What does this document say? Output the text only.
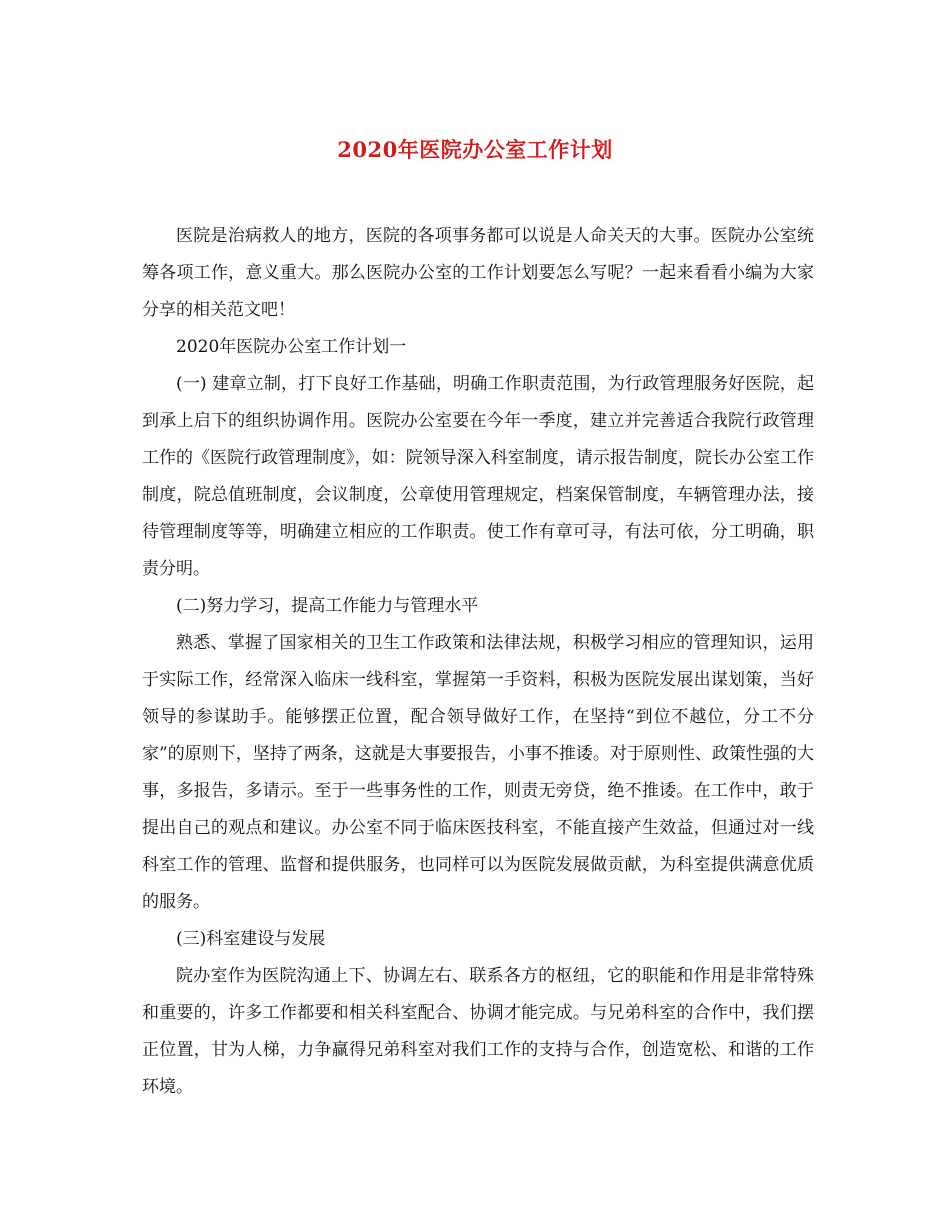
2020年医院办公室工作计划

医院是治病救人的地方，医院的各项事务都可以说是人命关天的大事。医院办公室统筹各项工作，意义重大。那么医院办公室的工作计划要怎么写呢？一起来看看小编为大家分享的相关范文吧！

2020年医院办公室工作计划一

(一) 建章立制，打下良好工作基础，明确工作职责范围，为行政管理服务好医院，起到承上启下的组织协调作用。医院办公室要在今年一季度，建立并完善适合我院行政管理工作的《医院行政管理制度》，如：院领导深入科室制度，请示报告制度，院长办公室工作制度，院总值班制度，会议制度，公章使用管理规定，档案保管制度，车辆管理办法，接待管理制度等等，明确建立相应的工作职责。使工作有章可寻，有法可依，分工明确，职责分明。

(二)努力学习，提高工作能力与管理水平

熟悉、掌握了国家相关的卫生工作政策和法律法规，积极学习相应的管理知识，运用于实际工作，经常深入临床一线科室，掌握第一手资料，积极为医院发展出谋划策，当好领导的参谋助手。能够摆正位置，配合领导做好工作，在坚持“到位不越位，分工不分家”的原则下，坚持了两条，这就是大事要报告，小事不推诿。对于原则性、政策性强的大事，多报告，多请示。至于一些事务性的工作，则责无旁贷，绝不推诿。在工作中，敢于提出自己的观点和建议。办公室不同于临床医技科室，不能直接产生效益，但通过对一线科室工作的管理、监督和提供服务，也同样可以为医院发展做贡献，为科室提供满意优质的服务。

(三)科室建设与发展

院办室作为医院沟通上下、协调左右、联系各方的枢纽，它的职能和作用是非常特殊和重要的，许多工作都要和相关科室配合、协调才能完成。与兄弟科室的合作中，我们摆正位置，甘为人梯，力争赢得兄弟科室对我们工作的支持与合作，创造宽松、和谐的工作环境。
